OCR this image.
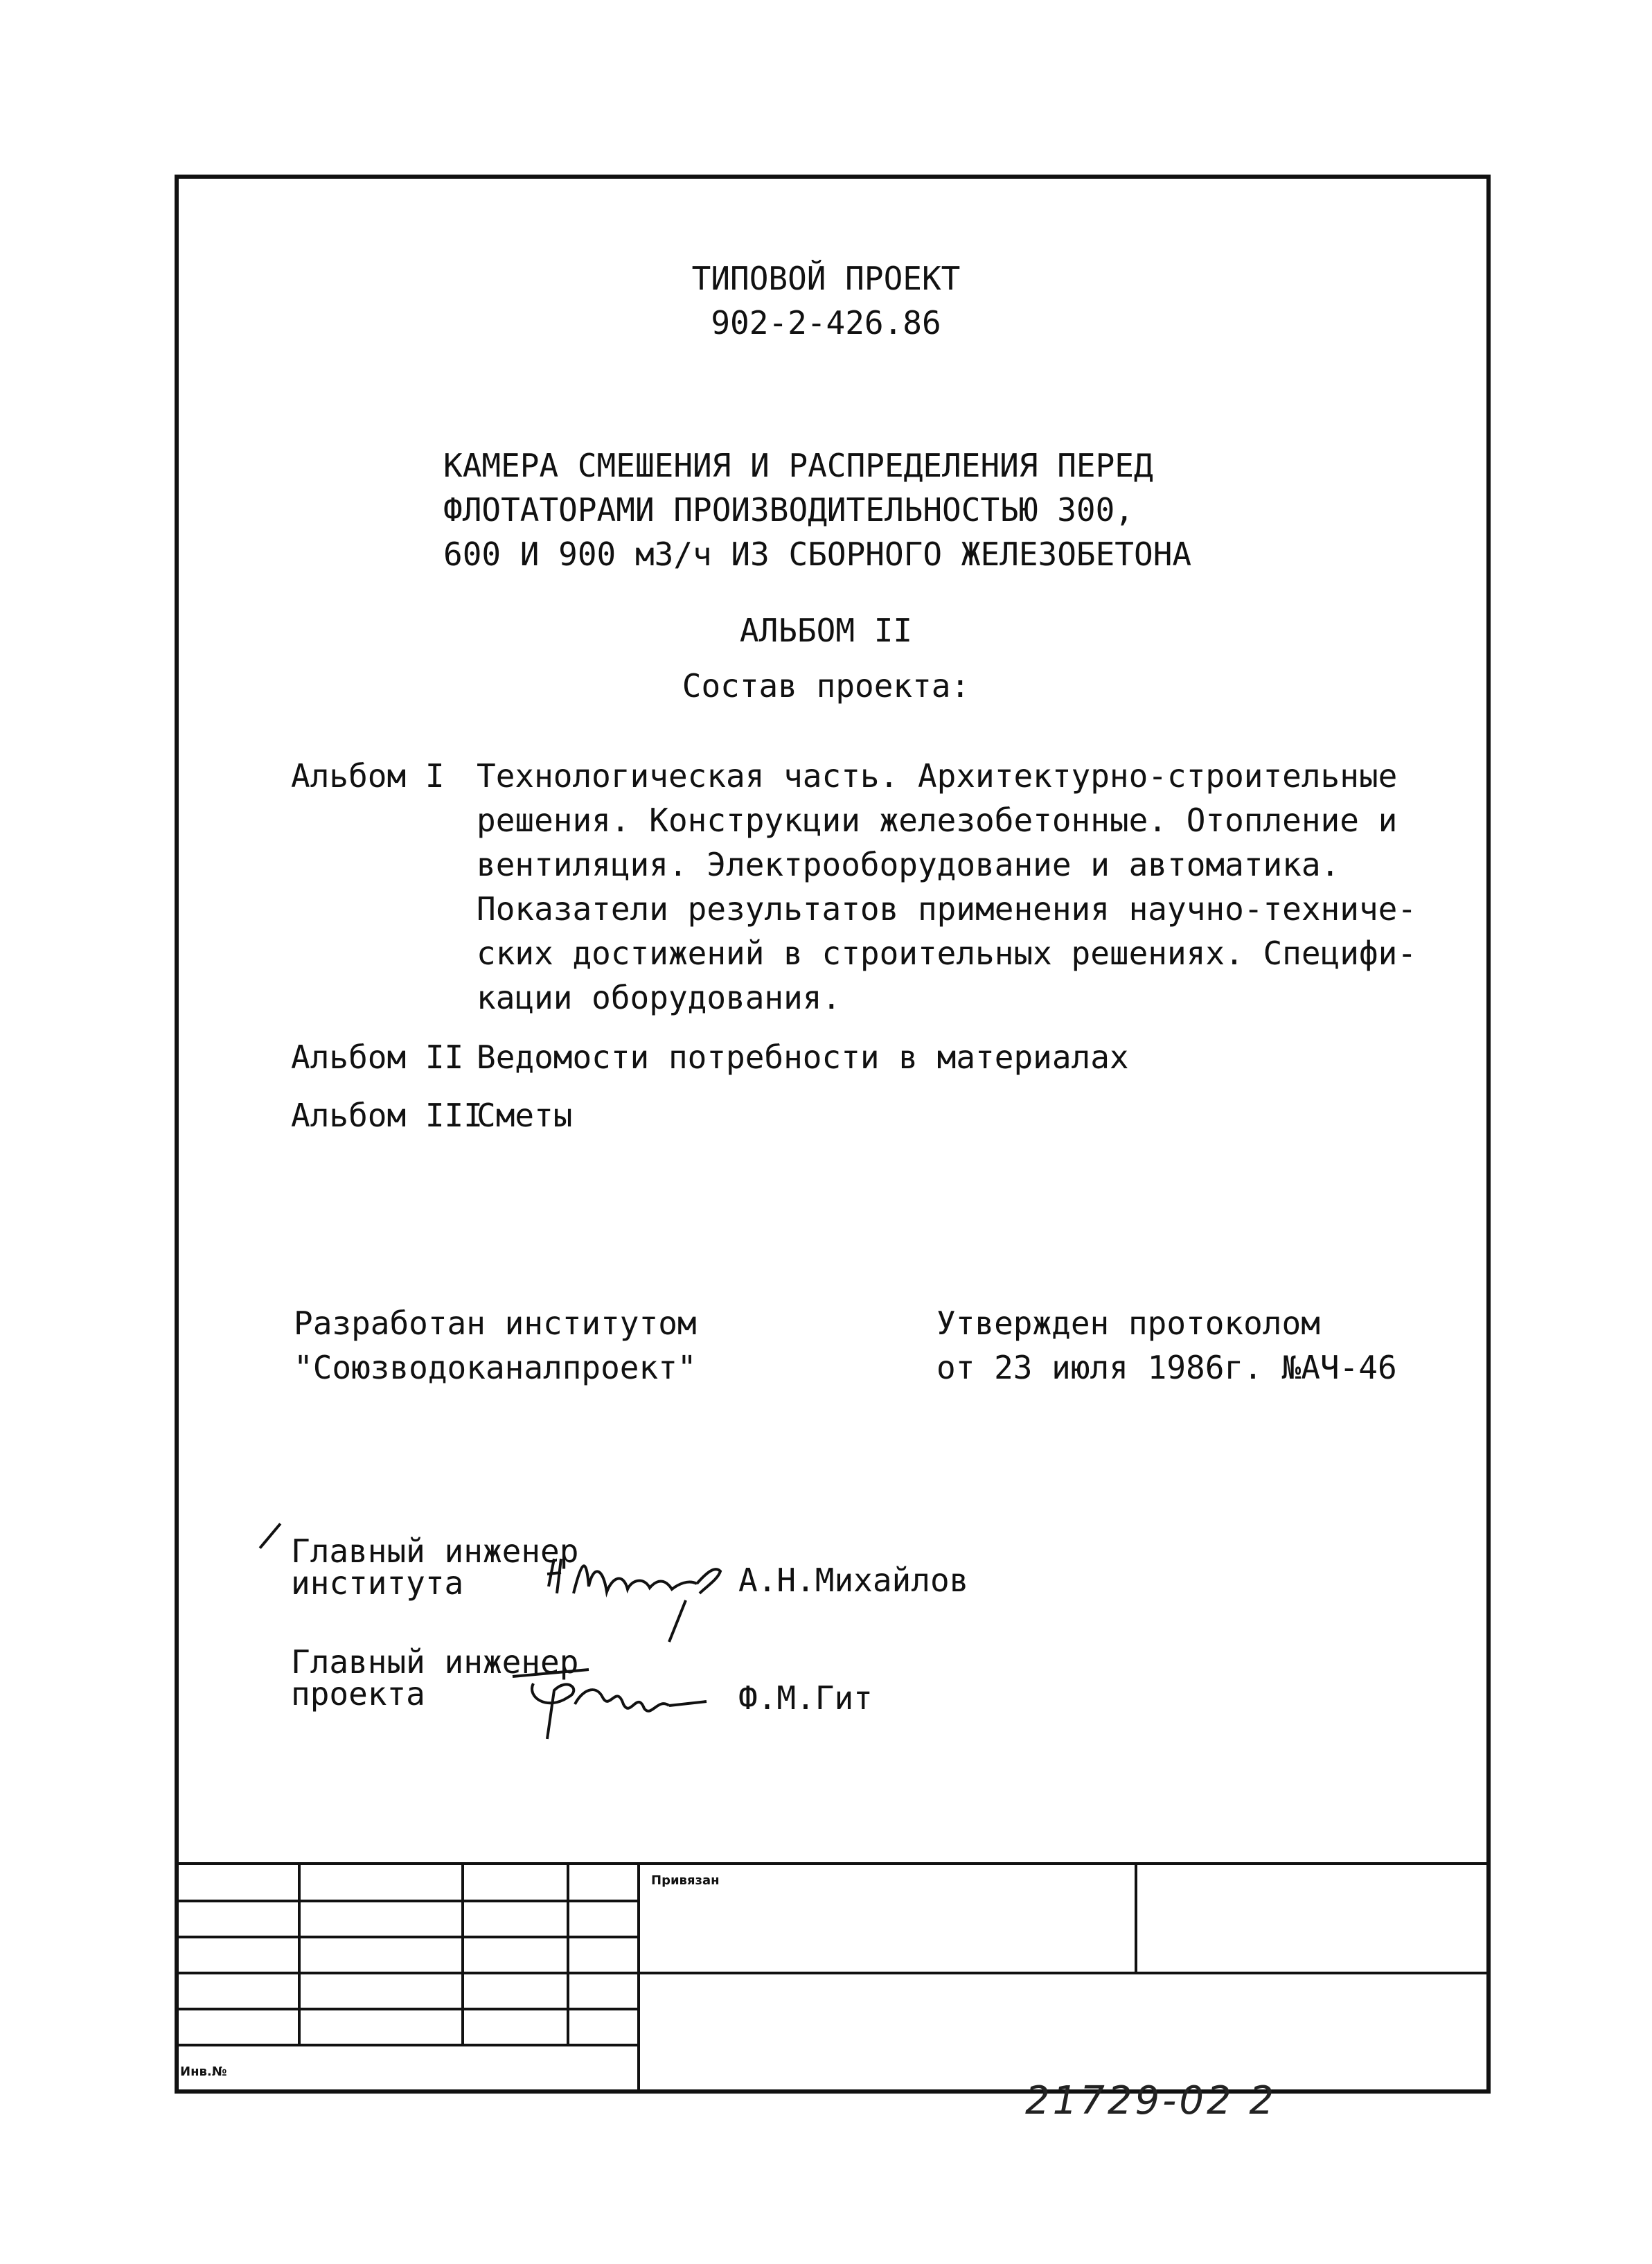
ТИПОВОЙ ПРОЕКТ
902-2-426.86
КАМЕРА СМЕШЕНИЯ И РАСПРЕДЕЛЕНИЯ ПЕРЕД
ФЛОТАТОРАМИ ПРОИЗВОДИТЕЛЬНОСТЬЮ 300,
600 И 900 м3/ч ИЗ СБОРНОГО ЖЕЛЕЗОБЕТОНА
АЛЬБОМ II
Состав проекта:
Альбом I Технологическая часть. Архитектурно-строительные
решения. Конструкции железобетонные. Отопление и
вентиляция. Электрооборудование и автоматика.
Показатели результатов применения научно-техниче-
ских достижений в строительных решениях. Специфи-
кации оборудования.
Альбом II Ведомости потребности в материалах
Альбом III
Сметы
Разработан институтом
"Союзводоканалпроект"
Утвержден протоколом
от 23 июля 1986г. №АЧ-46
Главный инженер
института	А.Н.Михайлов
Главный инженер
проекта	Ф.М.Гит
Привязан
Инв.№
21729-02 2
